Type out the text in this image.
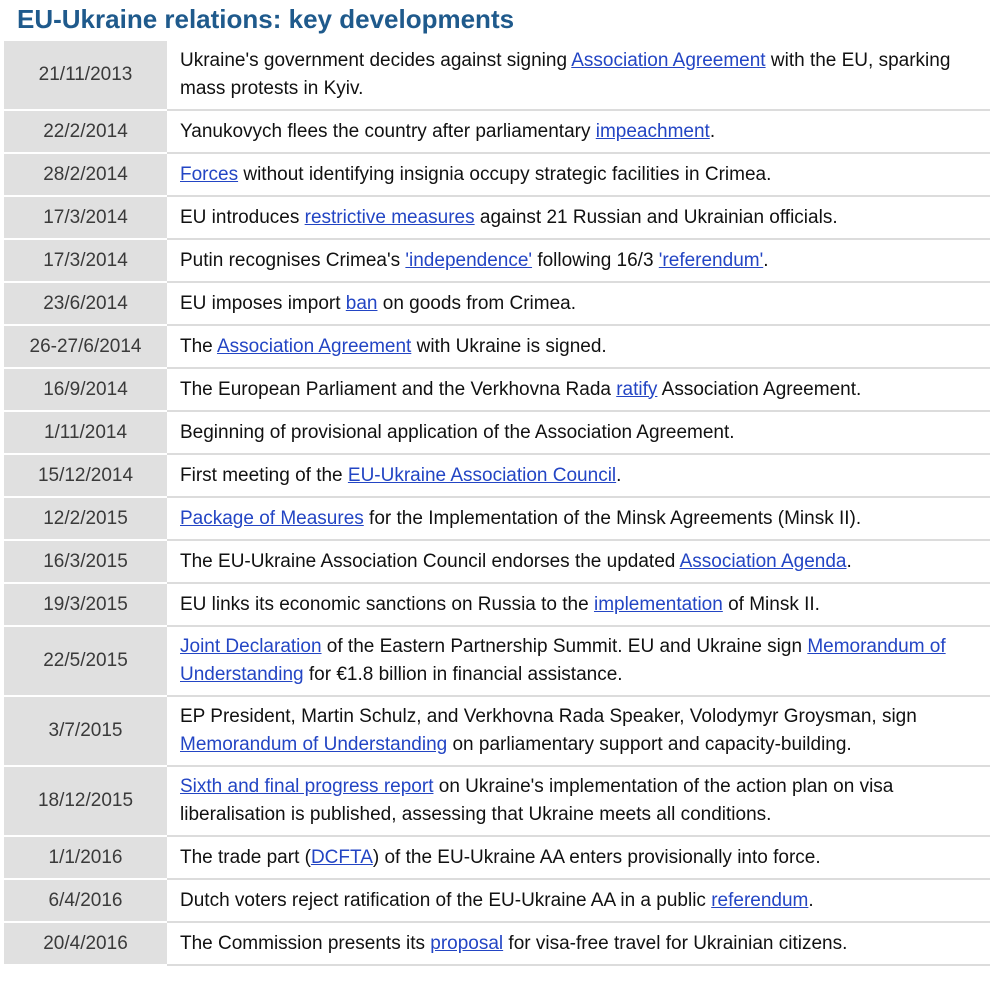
EU-Ukraine relations: key developments
21/11/2013	Ukraine's government decides against signing Association Agreement with the EU, sparking mass protests in Kyiv.
22/2/2014	Yanukovych flees the country after parliamentary impeachment.
28/2/2014	Forces without identifying insignia occupy strategic facilities in Crimea.
17/3/2014	EU introduces restrictive measures against 21 Russian and Ukrainian officials.
17/3/2014	Putin recognises Crimea's 'independence' following 16/3 'referendum'.
23/6/2014	EU imposes import ban on goods from Crimea.
26-27/6/2014	The Association Agreement with Ukraine is signed.
16/9/2014	The European Parliament and the Verkhovna Rada ratify Association Agreement.
1/11/2014	Beginning of provisional application of the Association Agreement.
15/12/2014	First meeting of the EU-Ukraine Association Council.
12/2/2015	Package of Measures for the Implementation of the Minsk Agreements (Minsk II).
16/3/2015	The EU-Ukraine Association Council endorses the updated Association Agenda.
19/3/2015	EU links its economic sanctions on Russia to the implementation of Minsk II.
22/5/2015	Joint Declaration of the Eastern Partnership Summit. EU and Ukraine sign Memorandum of Understanding for €1.8 billion in financial assistance.
3/7/2015	EP President, Martin Schulz, and Verkhovna Rada Speaker, Volodymyr Groysman, sign Memorandum of Understanding on parliamentary support and capacity-building.
18/12/2015	Sixth and final progress report on Ukraine's implementation of the action plan on visa liberalisation is published, assessing that Ukraine meets all conditions.
1/1/2016	The trade part (DCFTA) of the EU-Ukraine AA enters provisionally into force.
6/4/2016	Dutch voters reject ratification of the EU-Ukraine AA in a public referendum.
20/4/2016	The Commission presents its proposal for visa-free travel for Ukrainian citizens.
